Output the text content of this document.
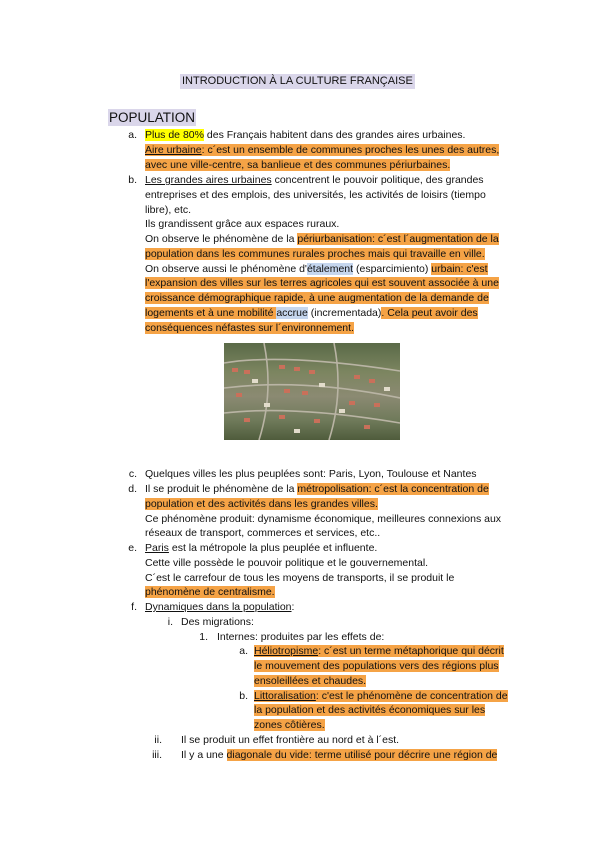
INTRODUCTION À LA CULTURE FRANÇAISE
POPULATION
a. Plus de 80% des Français habitent dans des grandes aires urbaines.
Aire urbaine: c´est un ensemble de communes proches les unes des autres,
avec une ville-centre, sa banlieue et des communes périurbaines.
b. Les grandes aires urbaines concentrent le pouvoir politique, des grandes
entreprises et des emplois, des universités, les activités de loisirs (tiempo
libre), etc.
Ils grandissent grâce aux espaces ruraux.
On observe le phénomène de la périurbanisation: c´est l´augmentation de la
population dans les communes rurales proches mais qui travaille en ville.
On observe aussi le phénomène d'étalement (esparcimiento) urbain: c'est
l'expansion des villes sur les terres agricoles qui est souvent associée à une
croissance démographique rapide, à une augmentation de la demande de
logements et à une mobilité accrue (incrementada). Cela peut avoir des
conséquences néfastes sur l´environnement.
c. Quelques villes les plus peuplées sont: Paris, Lyon, Toulouse et Nantes
d. Il se produit le phénomène de la métropolisation: c´est la concentration de
population et des activités dans les grandes villes.
Ce phénomène produit: dynamisme économique, meilleures connexions aux
réseaux de transport, commerces et services, etc..
e. Paris est la métropole la plus peuplée et influente.
Cette ville possède le pouvoir politique et le gouvernemental.
C´est le carrefour de tous les moyens de transports, il se produit le
phénomène de centralisme.
f. Dynamiques dans la population:
i. Des migrations:
1. Internes: produites par les effets de:
a. Héliotropisme: c´est un terme métaphorique qui décrit
le mouvement des populations vers des régions plus
ensoleillées et chaudes.
b. Littoralisation: c'est le phénomène de concentration de
la population et des activités économiques sur les
zones côtières.
ii. Il se produit un effet frontière au nord et à l´est.
iii. Il y a une diagonale du vide: terme utilisé pour décrire une région de
